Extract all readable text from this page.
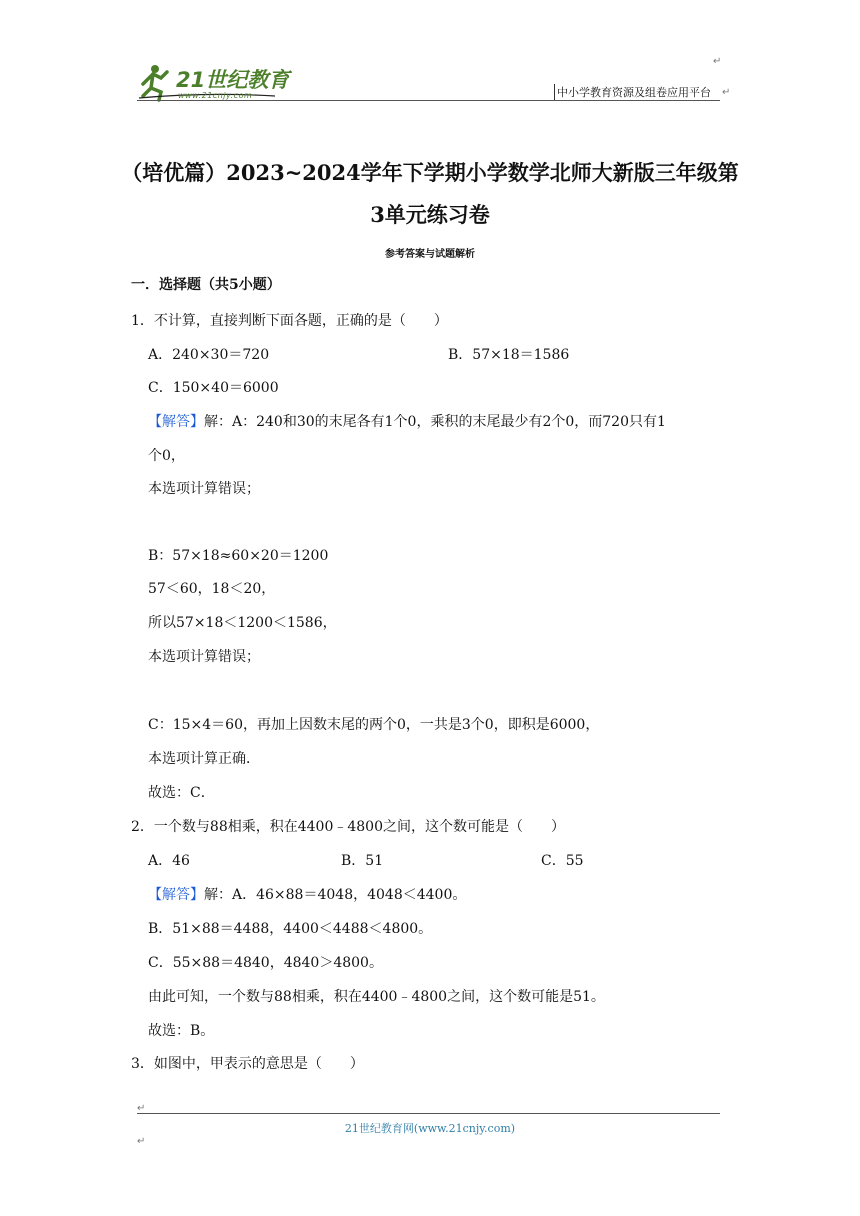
↵
21世纪教育
www.21cnjy.com	中小学教育资源及组卷应用平台 ↵
（培优篇）2023~2024学年下学期小学数学北师大新版三年级第
3单元练习卷
参考答案与试题解析
一．选择题（共5小题）
1．不计算，直接判断下面各题，正确的是（　　）
A．240×30＝720	B．57×18＝1586
C．150×40＝6000
【解答】解：A：240和30的末尾各有1个0，乘积的末尾最少有2个0，而720只有1
个0，
本选项计算错误；
B：57×18≈60×20＝1200
57＜60，18＜20，
所以57×18＜1200＜1586，
本选项计算错误；
C：15×4＝60，再加上因数末尾的两个0，一共是3个0，即积是6000，
本选项计算正确．
故选：C．
2．一个数与88相乘，积在4400﹣4800之间，这个数可能是（　　）
A．46	B．51	C．55
【解答】解：A．46×88＝4048，4048＜4400。
B．51×88＝4488，4400＜4488＜4800。
C．55×88＝4840，4840＞4800。
由此可知，一个数与88相乘，积在4400﹣4800之间，这个数可能是51。
故选：B。
3．如图中，甲表示的意思是（　　）
↵
21世纪教育网(www.21cnjy.com)
↵
